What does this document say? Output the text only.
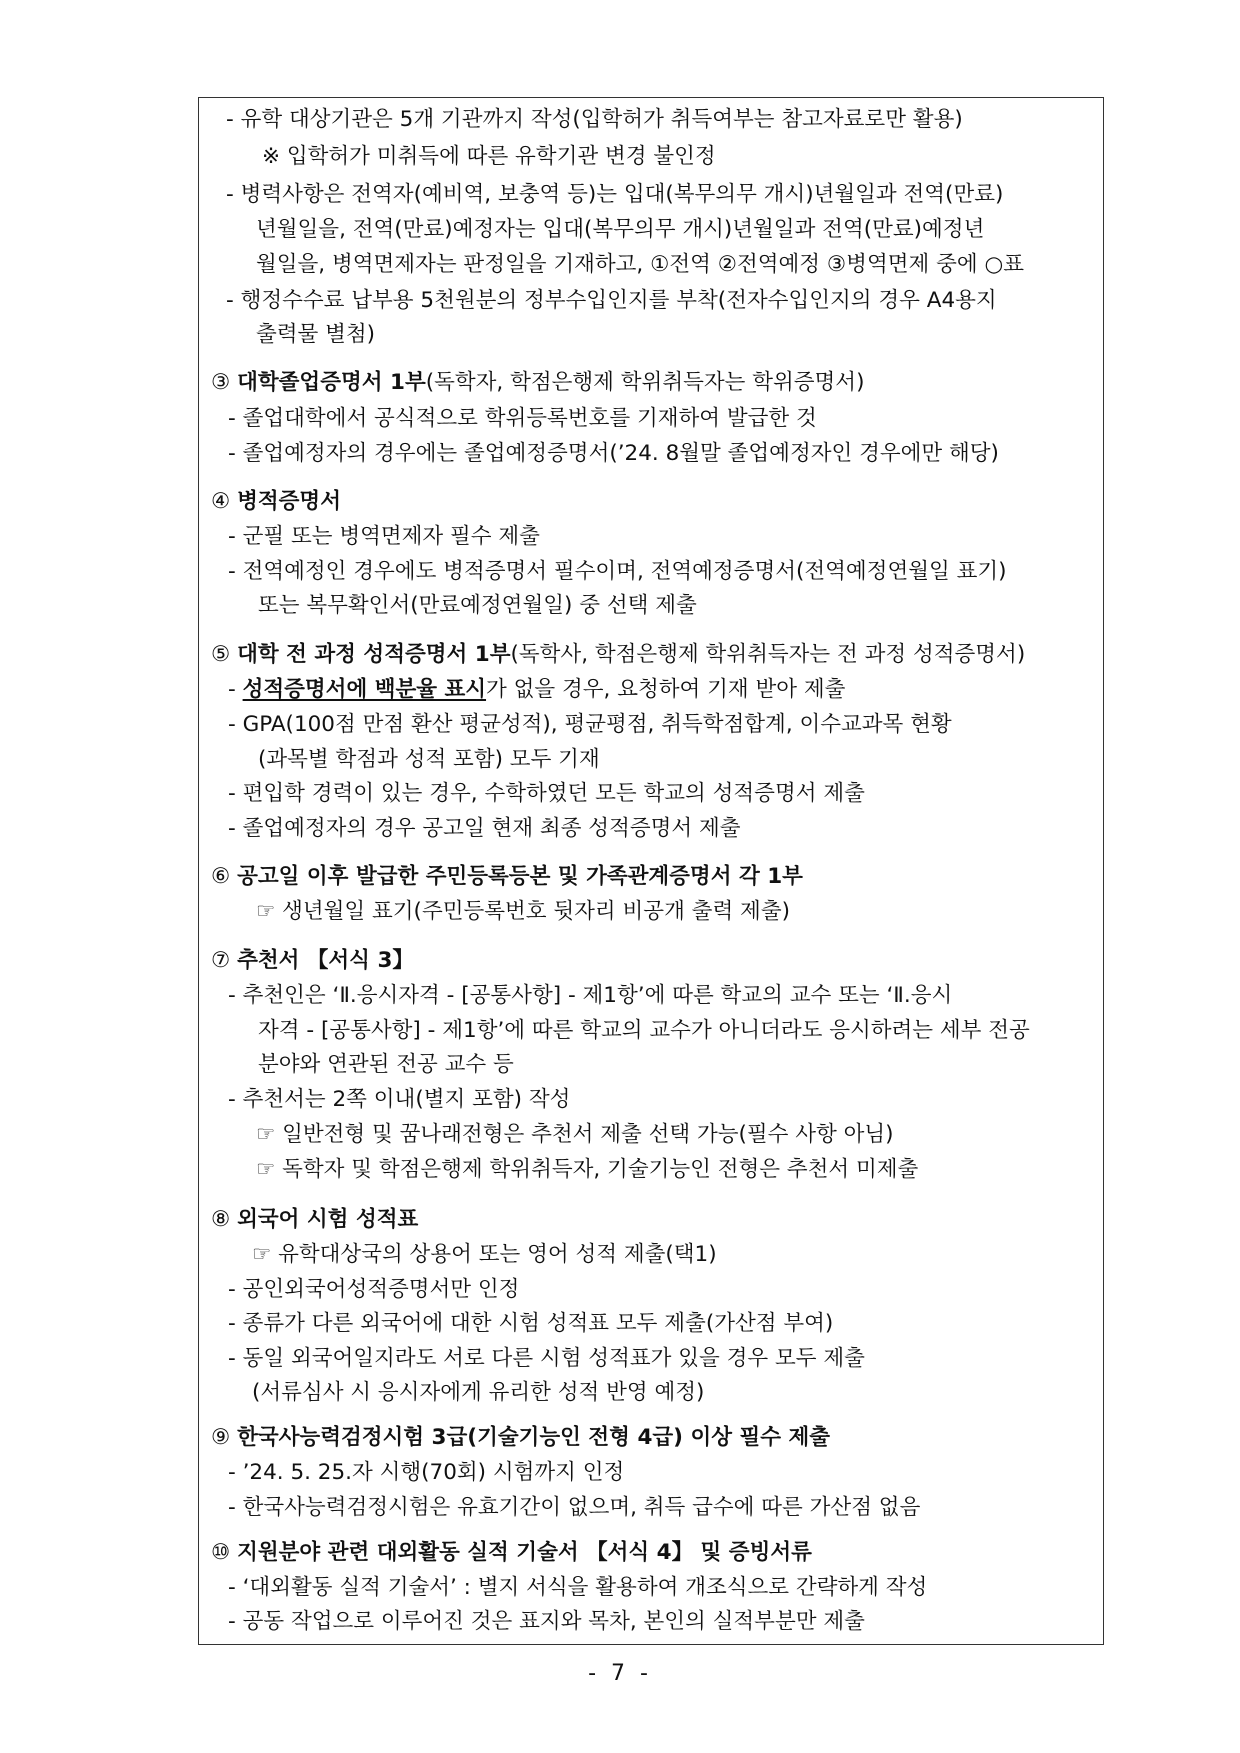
- 유학 대상기관은 5개 기관까지 작성(입학허가 취득여부는 참고자료로만 활용)
※ 입학허가 미취득에 따른 유학기관 변경 불인정
- 병력사항은 전역자(예비역, 보충역 등)는 입대(복무의무 개시)년월일과 전역(만료)
년월일을, 전역(만료)예정자는 입대(복무의무 개시)년월일과 전역(만료)예정년
월일을, 병역면제자는 판정일을 기재하고, ①전역 ②전역예정 ③병역면제 중에 ○표
- 행정수수료 납부용 5천원분의 정부수입인지를 부착(전자수입인지의 경우 A4용지
출력물 별첨)
③ 대학졸업증명서 1부(독학자, 학점은행제 학위취득자는 학위증명서)
- 졸업대학에서 공식적으로 학위등록번호를 기재하여 발급한 것
- 졸업예정자의 경우에는 졸업예정증명서(’24. 8월말 졸업예정자인 경우에만 해당)
④ 병적증명서
- 군필 또는 병역면제자 필수 제출
- 전역예정인 경우에도 병적증명서 필수이며, 전역예정증명서(전역예정연월일 표기)
또는 복무확인서(만료예정연월일) 중 선택 제출
⑤ 대학 전 과정 성적증명서 1부(독학사, 학점은행제 학위취득자는 전 과정 성적증명서)
- 성적증명서에 백분율 표시가 없을 경우, 요청하여 기재 받아 제출
- GPA(100점 만점 환산 평균성적), 평균평점, 취득학점합계, 이수교과목 현황
(과목별 학점과 성적 포함) 모두 기재
- 편입학 경력이 있는 경우, 수학하였던 모든 학교의 성적증명서 제출
- 졸업예정자의 경우 공고일 현재 최종 성적증명서 제출
⑥ 공고일 이후 발급한 주민등록등본 및 가족관계증명서 각 1부
☞ 생년월일 표기(주민등록번호 뒷자리 비공개 출력 제출)
⑦ 추천서 【서식 3】
- 추천인은 ‘Ⅱ.응시자격 - [공통사항] - 제1항’에 따른 학교의 교수 또는 ‘Ⅱ.응시
자격 - [공통사항] - 제1항’에 따른 학교의 교수가 아니더라도 응시하려는 세부 전공
분야와 연관된 전공 교수 등
- 추천서는 2쪽 이내(별지 포함) 작성
☞ 일반전형 및 꿈나래전형은 추천서 제출 선택 가능(필수 사항 아님)
☞ 독학자 및 학점은행제 학위취득자, 기술기능인 전형은 추천서 미제출
⑧ 외국어 시험 성적표
☞ 유학대상국의 상용어 또는 영어 성적 제출(택1)
- 공인외국어성적증명서만 인정
- 종류가 다른 외국어에 대한 시험 성적표 모두 제출(가산점 부여)
- 동일 외국어일지라도 서로 다른 시험 성적표가 있을 경우 모두 제출
(서류심사 시 응시자에게 유리한 성적 반영 예정)
⑨ 한국사능력검정시험 3급(기술기능인 전형 4급) 이상 필수 제출
- ’24. 5. 25.자 시행(70회) 시험까지 인정
- 한국사능력검정시험은 유효기간이 없으며, 취득 급수에 따른 가산점 없음
⑩ 지원분야 관련 대외활동 실적 기술서 【서식 4】 및 증빙서류
- ‘대외활동 실적 기술서’ : 별지 서식을 활용하여 개조식으로 간략하게 작성
- 공동 작업으로 이루어진 것은 표지와 목차, 본인의 실적부분만 제출
- 7 -
